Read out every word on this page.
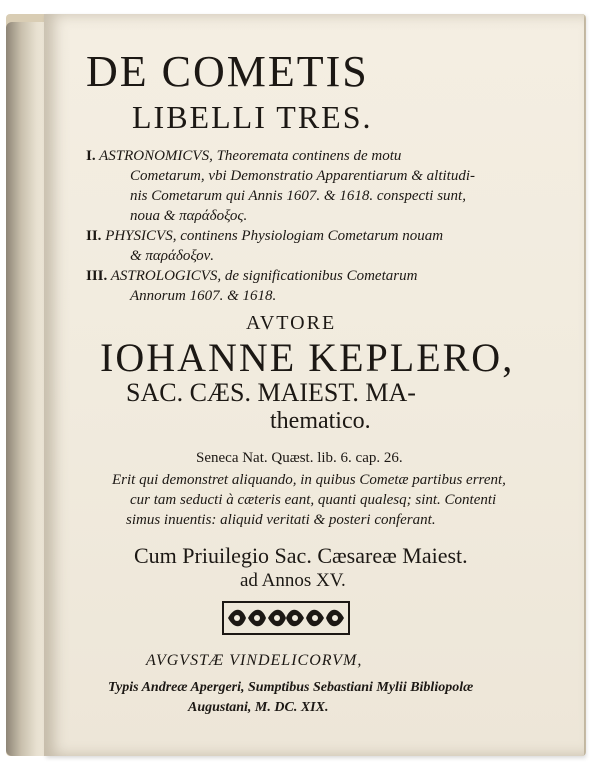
DE COMETIS
LIBELLI TRES.
I. ASTRONOMICVS, Theoremata continens de motu
Cometarum, vbi Demonstratio Apparentiarum & altitudi-
nis Cometarum qui Annis 1607. & 1618. conspecti sunt,
noua & παράδοξος.
II. PHYSICVS, continens Physiologiam Cometarum nouam
& παράδοξον.
III. ASTROLOGICVS, de significationibus Cometarum
Annorum 1607. & 1618.
AVTORE
IOHANNE KEPLERO,
SAC. CÆS. MAIEST. MA-
thematico.
Seneca Nat. Quæst. lib. 6. cap. 26.
Erit qui demonstret aliquando, in quibus Cometæ partibus errent,
cur tam seducti à cæteris eant, quanti qualesq; sint. Contenti
simus inuentis: aliquid veritati & posteri conferant.
Cum Priuilegio Sac. Cæsareæ Maiest.
ad Annos XV.
AVGVSTÆ VINDELICORVM,
Typis Andreæ Apergeri, Sumptibus Sebastiani Mylii Bibliopolæ
Augustani, M. DC. XIX.
